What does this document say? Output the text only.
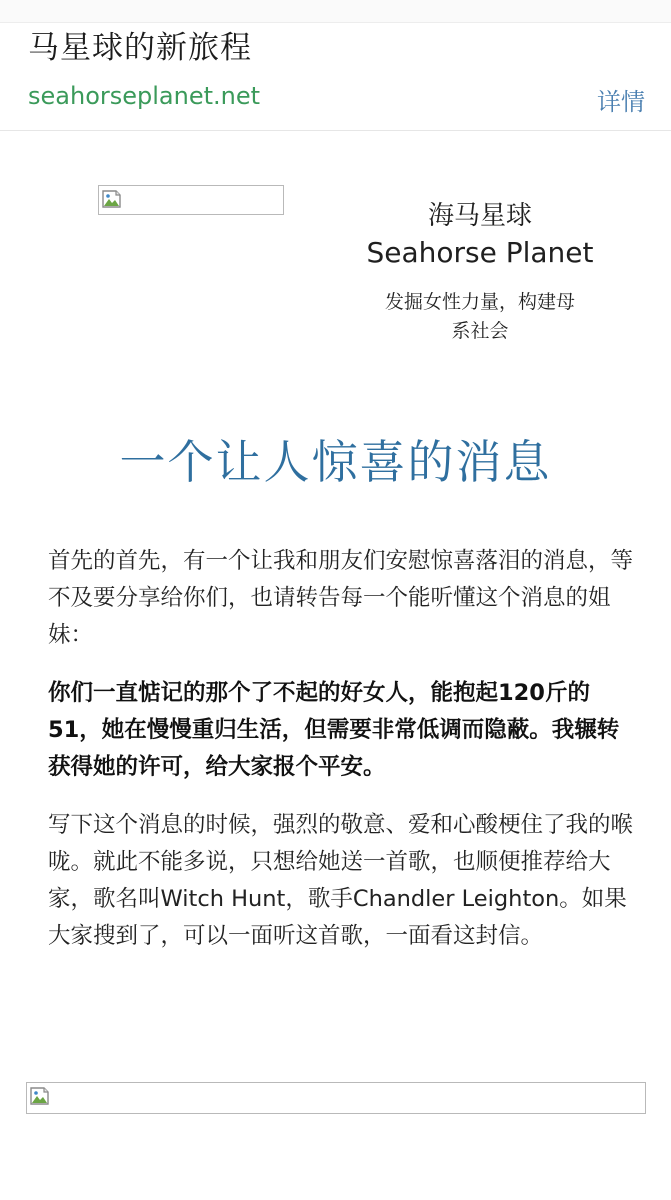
马星球的新旅程
seahorseplanet.net	详情
海马星球
Seahorse Planet
发掘女性力量，构建母系社会
一个让人惊喜的消息

首先的首先，有一个让我和朋友们安慰惊喜落泪的消息，等不及要分享给你们，也请转告每一个能听懂这个消息的姐妹：

你们一直惦记的那个了不起的好女人，能抱起120斤的51，她在慢慢重归生活，但需要非常低调而隐蔽。我辗转获得她的许可，给大家报个平安。

写下这个消息的时候，强烈的敬意、爱和心酸梗住了我的喉咙。就此不能多说，只想给她送一首歌，也顺便推荐给大家，歌名叫Witch Hunt，歌手Chandler Leighton。如果大家搜到了，可以一面听这首歌，一面看这封信。
